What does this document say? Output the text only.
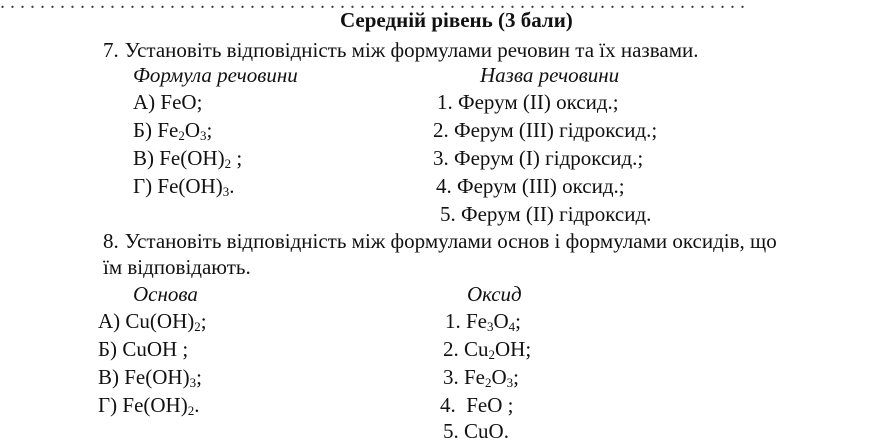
. . . . . . . . . . . . . . . . . . . . . . . . . . . . . . . . . . . . . . . . . . . . . . . . . . . . . . . . . . . . . . . . . . . . . . . . . . .
Середній рівень (3 бали)
7. Установіть відповідність між формулами речовин та їх назвами.
Формула речовини	Назва речовини
А) FeO;
Б) $Fe_2O_3$;
В) $Fe(OH)_2$ ;
Г) $Fe(OH)_3$.
1. Ферум (ІІ) оксид.;
2. Ферум (ІІІ) гідроксид.;
3. Ферум (І) гідроксид.;
4. Ферум (ІІІ) оксид.;
5. Ферум (ІІ) гідроксид.
8. Установіть відповідність між формулами основ і формулами оксидів, що
їм відповідають.
Основа	Оксид
А) $Cu(OH)_2$;
Б) CuOH ;
В) $Fe(OH)_3$;
Г) $Fe(OH)_2$.
1. $Fe_3O_4$;
2. $Cu_2OH$;
3. $Fe_2O_3$;
4.  FeO ;
5. CuO.
